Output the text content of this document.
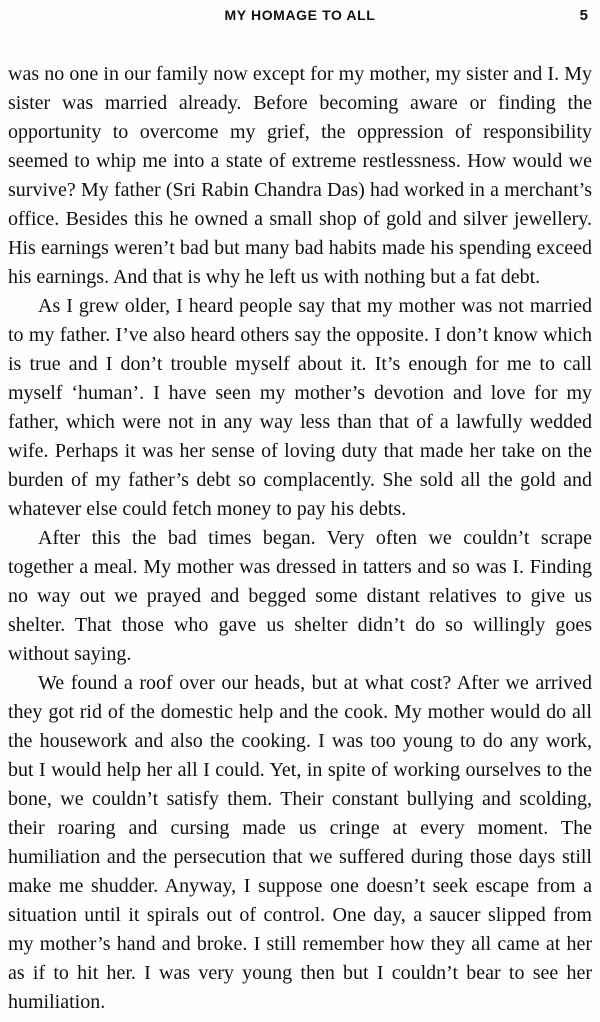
MY HOMAGE TO ALL	5

was no one in our family now except for my mother, my sister and I. My sister was married already. Before becoming aware or finding the opportunity to overcome my grief, the oppression of responsibility seemed to whip me into a state of extreme restlessness. How would we survive? My father (Sri Rabin Chandra Das) had worked in a merchant’s office. Besides this he owned a small shop of gold and silver jewellery. His earnings weren’t bad but many bad habits made his spending exceed his earnings. And that is why he left us with nothing but a fat debt.

As I grew older, I heard people say that my mother was not married to my father. I’ve also heard others say the opposite. I don’t know which is true and I don’t trouble myself about it. It’s enough for me to call myself ‘human’. I have seen my mother’s devotion and love for my father, which were not in any way less than that of a lawfully wedded wife. Perhaps it was her sense of loving duty that made her take on the burden of my father’s debt so complacently. She sold all the gold and whatever else could fetch money to pay his debts.

After this the bad times began. Very often we couldn’t scrape together a meal. My mother was dressed in tatters and so was I. Finding no way out we prayed and begged some distant relatives to give us shelter. That those who gave us shelter didn’t do so willingly goes without saying.

We found a roof over our heads, but at what cost? After we arrived they got rid of the domestic help and the cook. My mother would do all the housework and also the cooking. I was too young to do any work, but I would help her all I could. Yet, in spite of working ourselves to the bone, we couldn’t satisfy them. Their constant bullying and scolding, their roaring and cursing made us cringe at every moment. The humiliation and the persecution that we suffered during those days still make me shudder. Anyway, I suppose one doesn’t seek escape from a situation until it spirals out of control. One day, a saucer slipped from my mother’s hand and broke. I still remember how they all came at her as if to hit her. I was very young then but I couldn’t bear to see her humiliation.
